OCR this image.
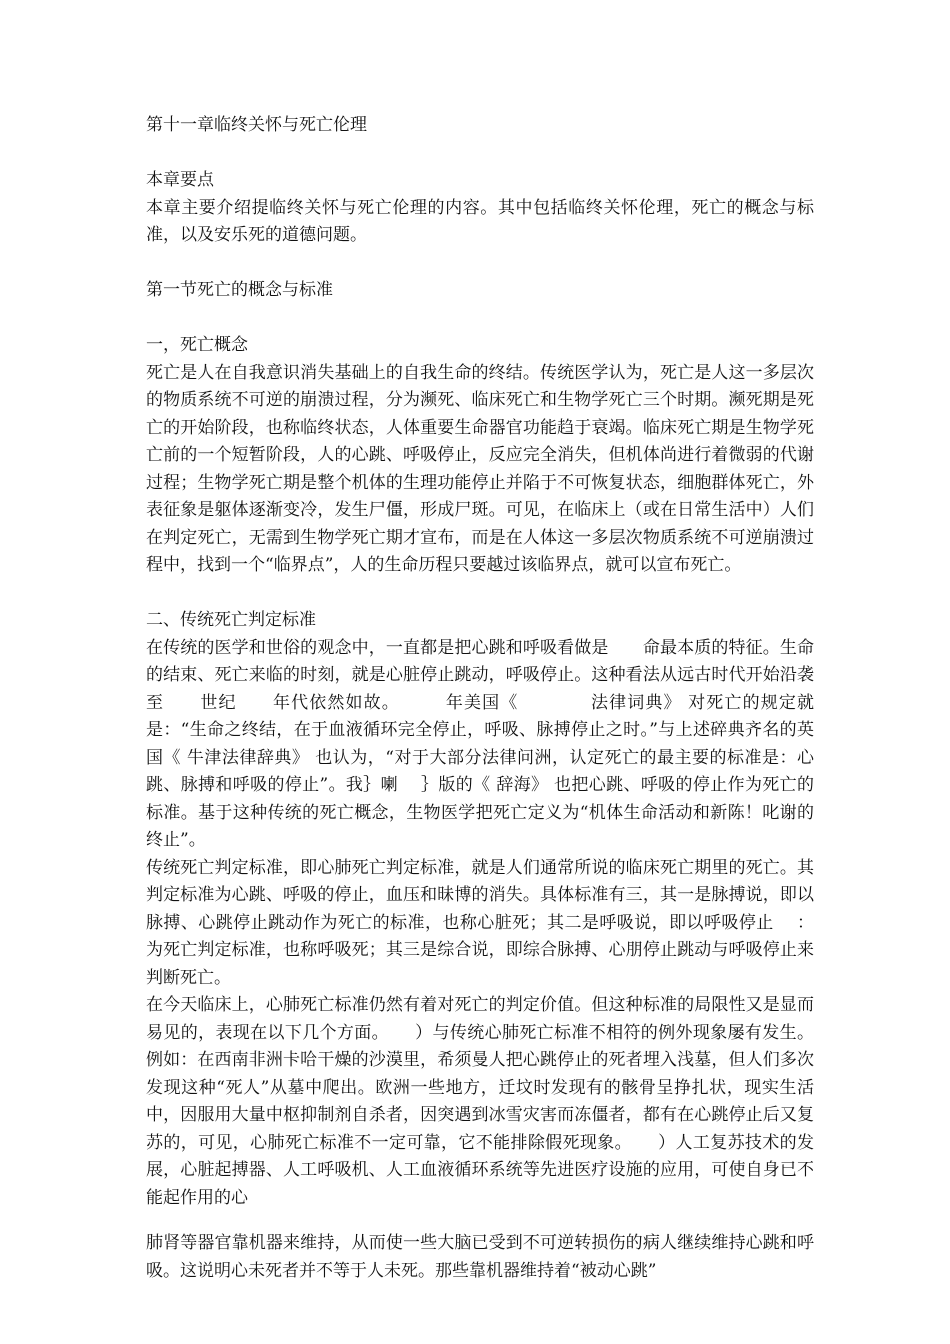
第十一章临终关怀与死亡伦理

本章要点

本章主要介绍提临终关怀与死亡伦理的内容。其中包括临终关怀伦理，死亡的概念与标准，以及安乐死的道德问题。

第一节死亡的概念与标准

一，死亡概念

死亡是人在自我意识消失基础上的自我生命的终结。传统医学认为，死亡是人这一多层次的物质系统不可逆的崩溃过程，分为濒死、临床死亡和生物学死亡三个时期。濒死期是死亡的开始阶段，也称临终状态，人体重要生命器官功能趋于衰竭。临床死亡期是生物学死亡前的一个短暂阶段，人的心跳、呼吸停止，反应完全消失，但机体尚进行着微弱的代谢过程；生物学死亡期是整个机体的生理功能停止并陷于不可恢复状态，细胞群体死亡，外表征象是躯体逐渐变冷，发生尸僵，形成尸斑。可见，在临床上（或在日常生活中）人们在判定死亡，无需到生物学死亡期才宣布，而是在人体这一多层次物质系统不可逆崩溃过程中，找到一个“临界点”，人的生命历程只要越过该临界点，就可以宣布死亡。

二、传统死亡判定标准

在传统的医学和世俗的观念中，一直都是把心跳和呼吸看做是　　命最本质的特征。生命的结束、死亡来临的时刻，就是心脏停止跳动，呼吸停止。这种看法从远古时代开始沿袭至　　世纪　　年代依然如故。　　　年美国《　　　　法律词典》 对死亡的规定就是：“生命之终结，在于血液循环完全停止，呼吸、脉搏停止之时。”与上述碎典齐名的英国《 牛津法律辞典》 也认为，“对于大部分法律问洲，认定死亡的最主要的标准是：心跳、脉搏和呼吸的停止”。我｝喇　 ｝版的《 辞海》 也把心跳、呼吸的停止作为死亡的标准。基于这种传统的死亡概念，生物医学把死亡定义为“机体生命活动和新陈！叱谢的终止”。

传统死亡判定标准，即心肺死亡判定标准，就是人们通常所说的临床死亡期里的死亡。其判定标准为心跳、呼吸的停止，血压和昧博的消失。具体标准有三，其一是脉搏说，即以脉搏、心跳停止跳动作为死亡的标准，也称心脏死；其二是呼吸说，即以呼吸停止　 ：为死亡判定标准，也称呼吸死；其三是综合说，即综合脉搏、心朋停止跳动与呼吸停止来判断死亡。

在今天临床上，心肺死亡标准仍然有着对死亡的判定价值。但这种标准的局限性又是显而易见的，表现在以下几个方面。　　）与传统心肺死亡标准不相符的例外现象屡有发生。例如：在西南非洲卡哈干燥的沙漠里，希须曼人把心跳停止的死者埋入浅墓，但人们多次发现这种“死人”从墓中爬出。欧洲一些地方，迁坟时发现有的骸骨呈挣扎状，现实生活中，因服用大量中枢抑制剂自杀者，因突遇到冰雪灾害而冻僵者，都有在心跳停止后又复苏的，可见，心肺死亡标准不一定可靠，它不能排除假死现象。　　）人工复苏技术的发展，心脏起搏器、人工呼吸机、人工血液循环系统等先进医疗设施的应用，可使自身已不能起作用的心

肺肾等器官靠机器来维持，从而使一些大脑已受到不可逆转损伤的病人继续维持心跳和呼吸。这说明心未死者并不等于人未死。那些靠机器维持着“被动心跳”
